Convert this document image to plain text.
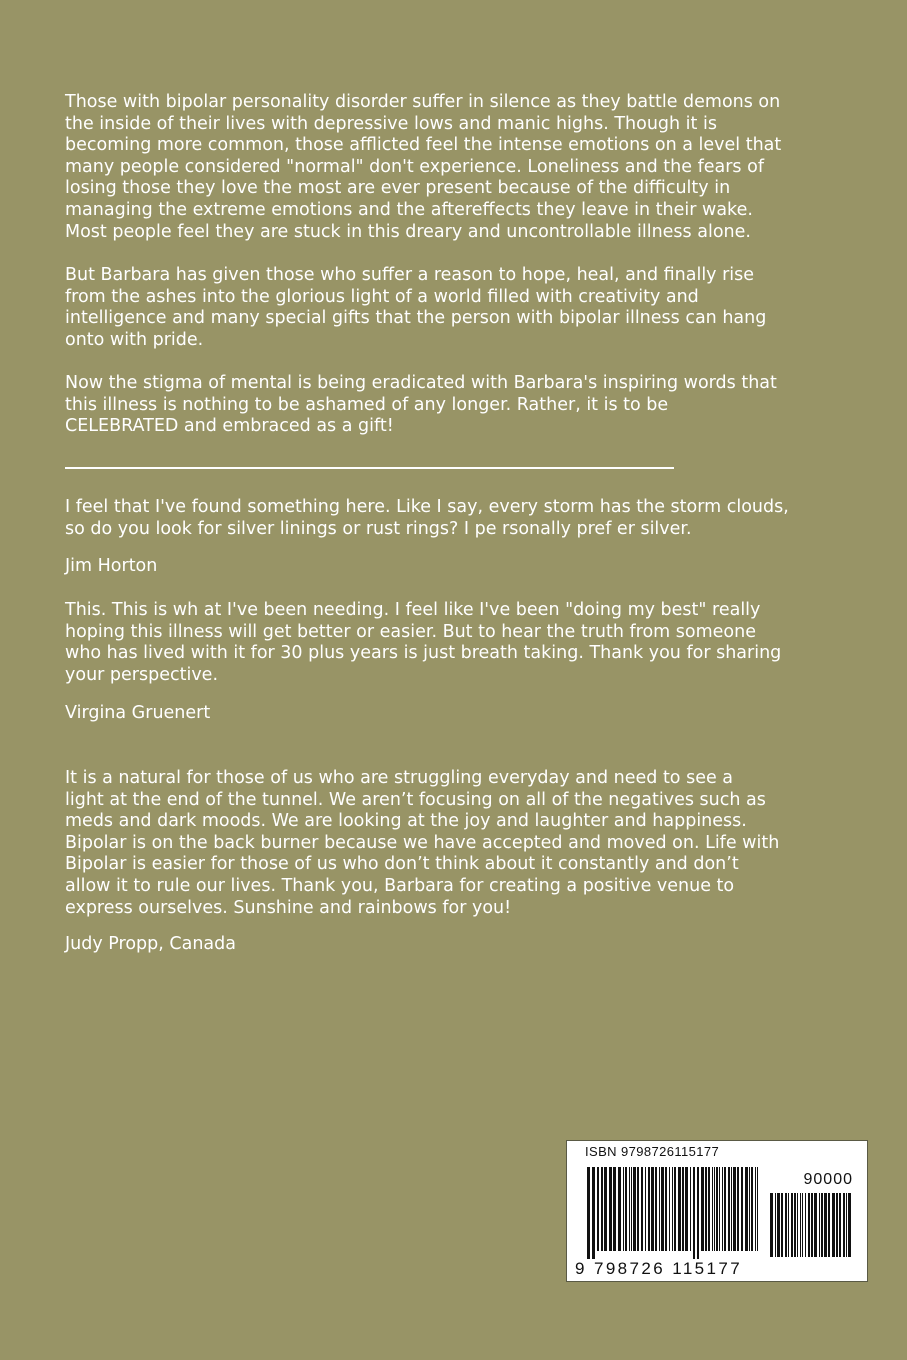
Those with bipolar personality disorder suffer in silence as they battle demons on
the inside of their lives with depressive lows and manic highs. Though it is
becoming more common, those afflicted feel the intense emotions on a level that
many people considered "normal" don't experience. Loneliness and the fears of
losing those they love the most are ever present because of the difficulty in
managing the extreme emotions and the aftereffects they leave in their wake.
Most people feel they are stuck in this dreary and uncontrollable illness alone.

But Barbara has given those who suffer a reason to hope, heal, and finally rise
from the ashes into the glorious light of a world filled with creativity and
intelligence and many special gifts that the person with bipolar illness can hang
onto with pride.

Now the stigma of mental is being eradicated with Barbara's inspiring words that
this illness is nothing to be ashamed of any longer. Rather, it is to be
CELEBRATED and embraced as a gift!

I feel that I've found something here. Like I say, every storm has the storm clouds,
so do you look for silver linings or rust rings? I pe rsonally pref er silver.

Jim Horton

This. This is wh at I've been needing. I feel like I've been "doing my best" really
hoping this illness will get better or easier. But to hear the truth from someone
who has lived with it for 30 plus years is just breath taking. Thank you for sharing
your perspective.

Virgina Gruenert

It is a natural for those of us who are struggling everyday and need to see a
light at the end of the tunnel. We aren’t focusing on all of the negatives such as
meds and dark moods. We are looking at the joy and laughter and happiness.
Bipolar is on the back burner because we have accepted and moved on. Life with
Bipolar is easier for those of us who don’t think about it constantly and don’t
allow it to rule our lives. Thank you, Barbara for creating a positive venue to
express ourselves. Sunshine and rainbows for you!

Judy Propp, Canada

ISBN 9798726115177
90000
9 798726 115177
